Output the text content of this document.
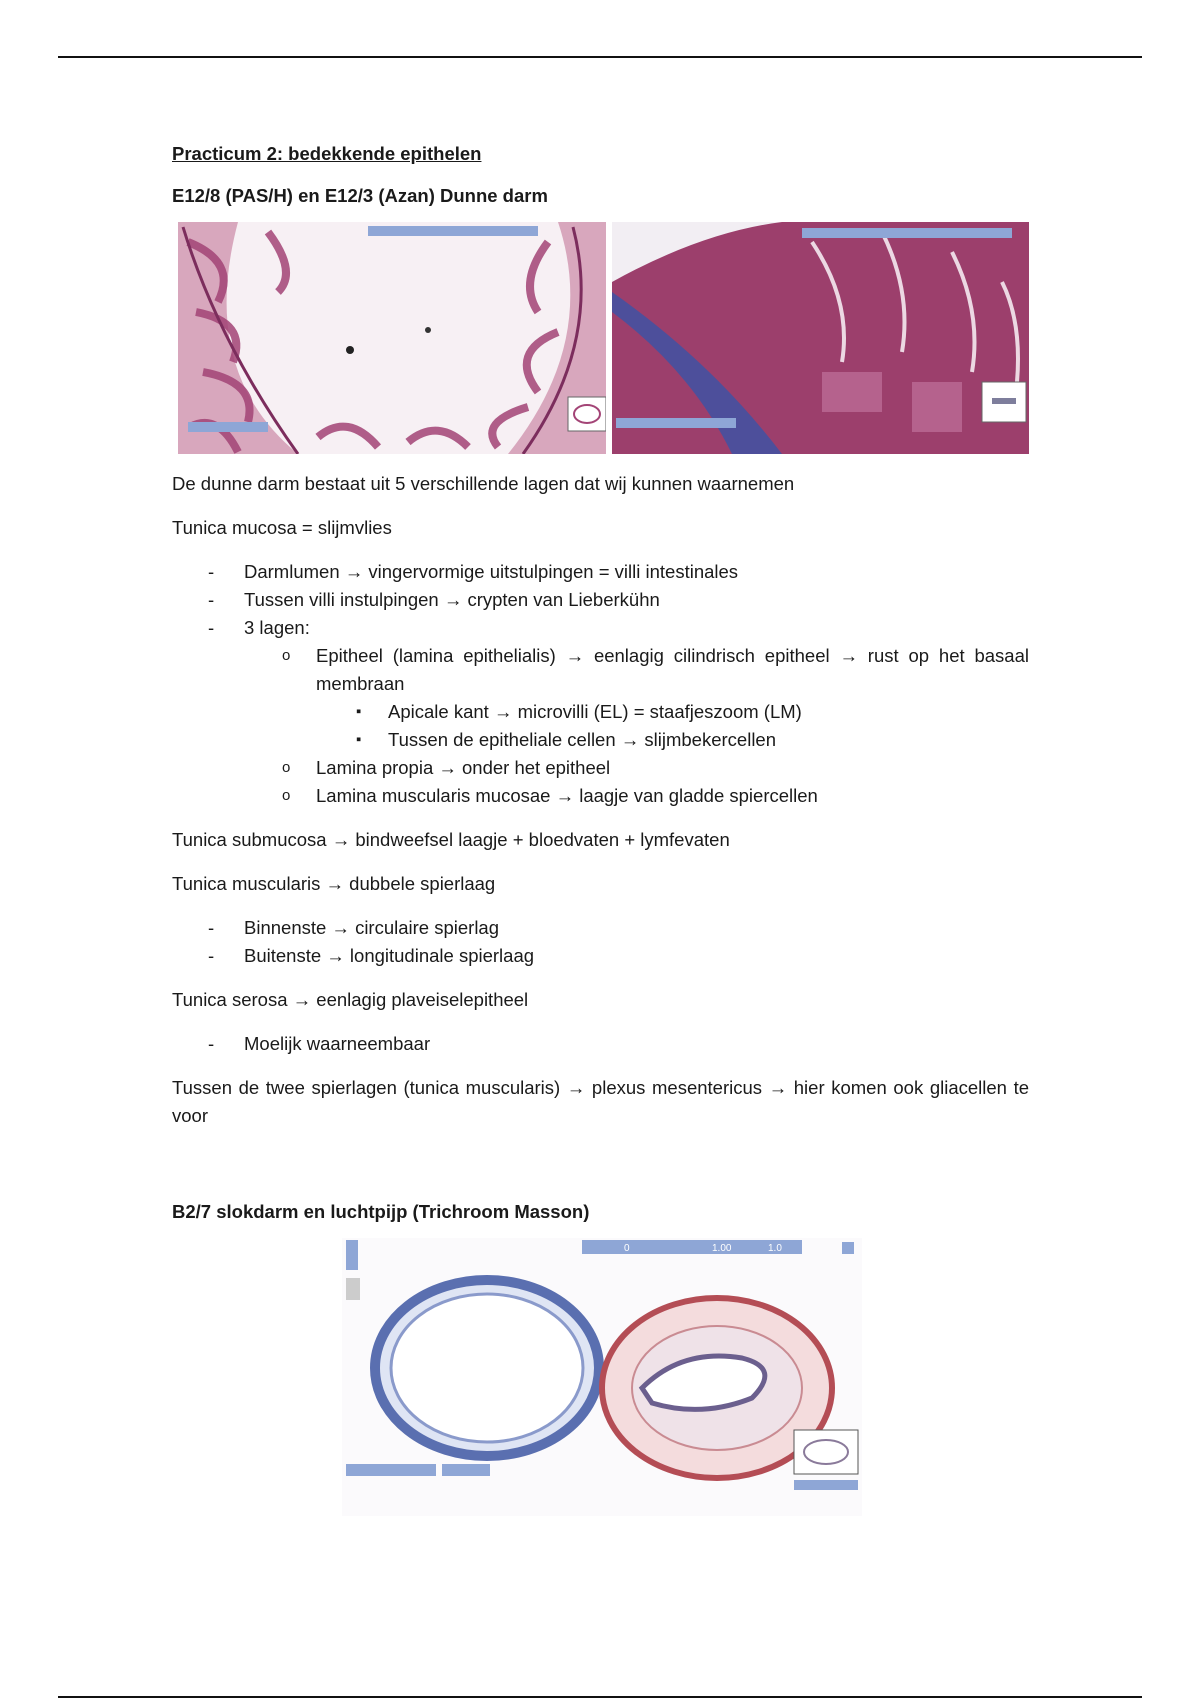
Practicum 2: bedekkende epithelen
E12/8 (PAS/H) en E12/3 (Azan) Dunne darm

De dunne darm bestaat uit 5 verschillende lagen dat wij kunnen waarnemen

Tunica mucosa = slijmvlies

- Darmlumen → vingervormige uitstulpingen = villi intestinales
- Tussen villi instulpingen → crypten van Lieberkühn
- 3 lagen:
o Epitheel (lamina epithelialis) → eenlagig cilindrisch epitheel → rust op het basaal membraan
▪ Apicale kant → microvilli (EL) = staafjeszoom (LM)
▪ Tussen de epitheliale cellen → slijmbekercellen
o Lamina propia → onder het epitheel
o Lamina muscularis mucosae → laagje van gladde spiercellen

Tunica submucosa → bindweefsel laagje + bloedvaten + lymfevaten

Tunica muscularis → dubbele spierlaag

- Binnenste → circulaire spierlag
- Buitenste → longitudinale spierlaag

Tunica serosa → eenlagig plaveiselepitheel

- Moelijk waarneembaar

Tussen de twee spierlagen (tunica muscularis) → plexus mesentericus → hier komen ook gliacellen te voor

B2/7 slokdarm en luchtpijp (Trichroom Masson)
0	1.00	1.0
